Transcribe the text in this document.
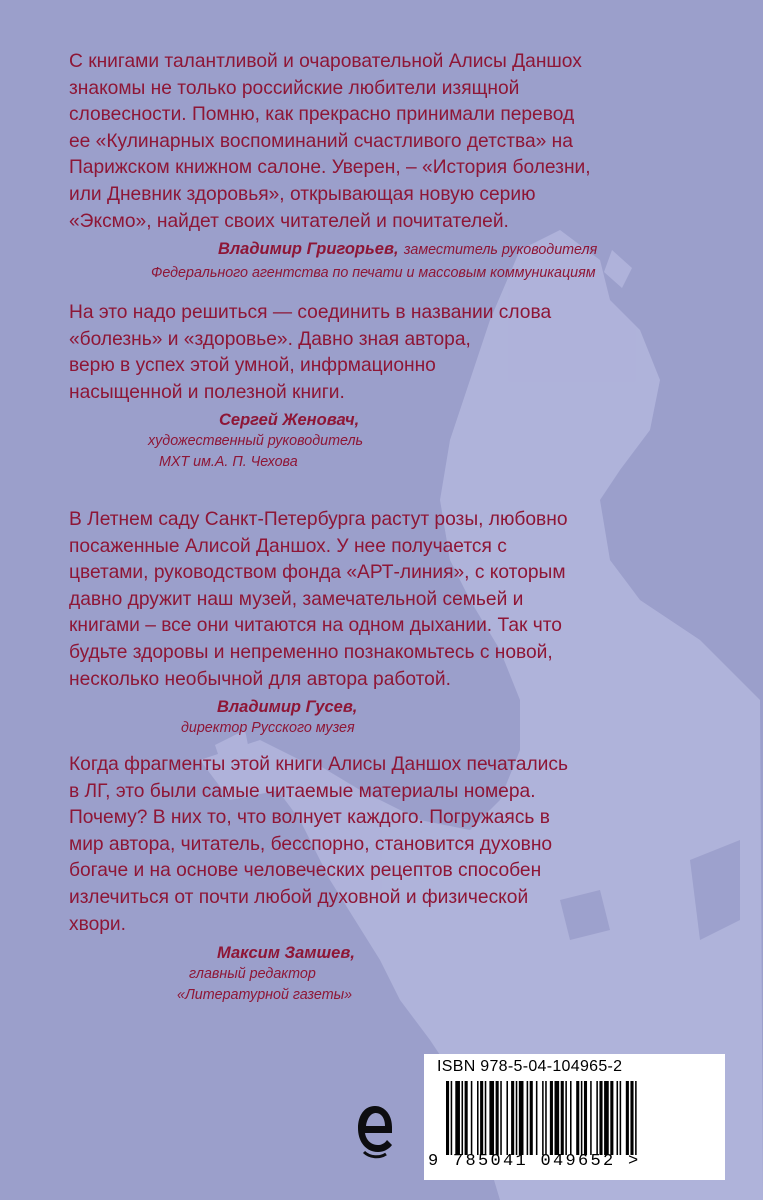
С книгами талантливой и очаровательной Алисы Даншох

знакомы не только российские любители изящной

словесности. Помню, как прекрасно принимали перевод

ее «Кулинарных воспоминаний счастливого детства» на

Парижском книжном салоне. Уверен, – «История болезни,

или Дневник здоровья», открывающая новую серию

«Эксмо», найдет своих читателей и почитателей.

Владимир Григорьев, заместитель руководителя
Федерального агентства по печати и массовым коммуникациям

На это надо решиться — соединить в названии слова

«болезнь» и «здоровье». Давно зная автора,

верю в успех этой умной, инфрмационно

насыщенной и полезной книги.

Сергей Женовач,
художественный руководитель
МХТ им.А. П. Чехова

В Летнем саду Санкт-Петербурга растут розы, любовно

посаженные Алисой Даншох. У нее получается с

цветами, руководством фонда «АРТ-линия», с которым

давно дружит наш музей, замечательной семьей и

книгами – все они читаются на одном дыхании. Так что

будьте здоровы и непременно познакомьтесь с новой,

несколько необычной для автора работой.

Владимир Гусев,
директор Русского музея

Когда фрагменты этой книги Алисы Даншох печатались

в ЛГ, это были самые читаемые материалы номера.

Почему? В них то, что волнует каждого. Погружаясь в

мир автора, читатель, бесспорно, становится духовно

богаче и на основе человеческих рецептов способен

излечиться от почти любой духовной и физической

хвори.

Максим Замшев,
главный редактор
«Литературной газеты»
ISBN 978-5-04-104965-2
9 785041 049652 >
